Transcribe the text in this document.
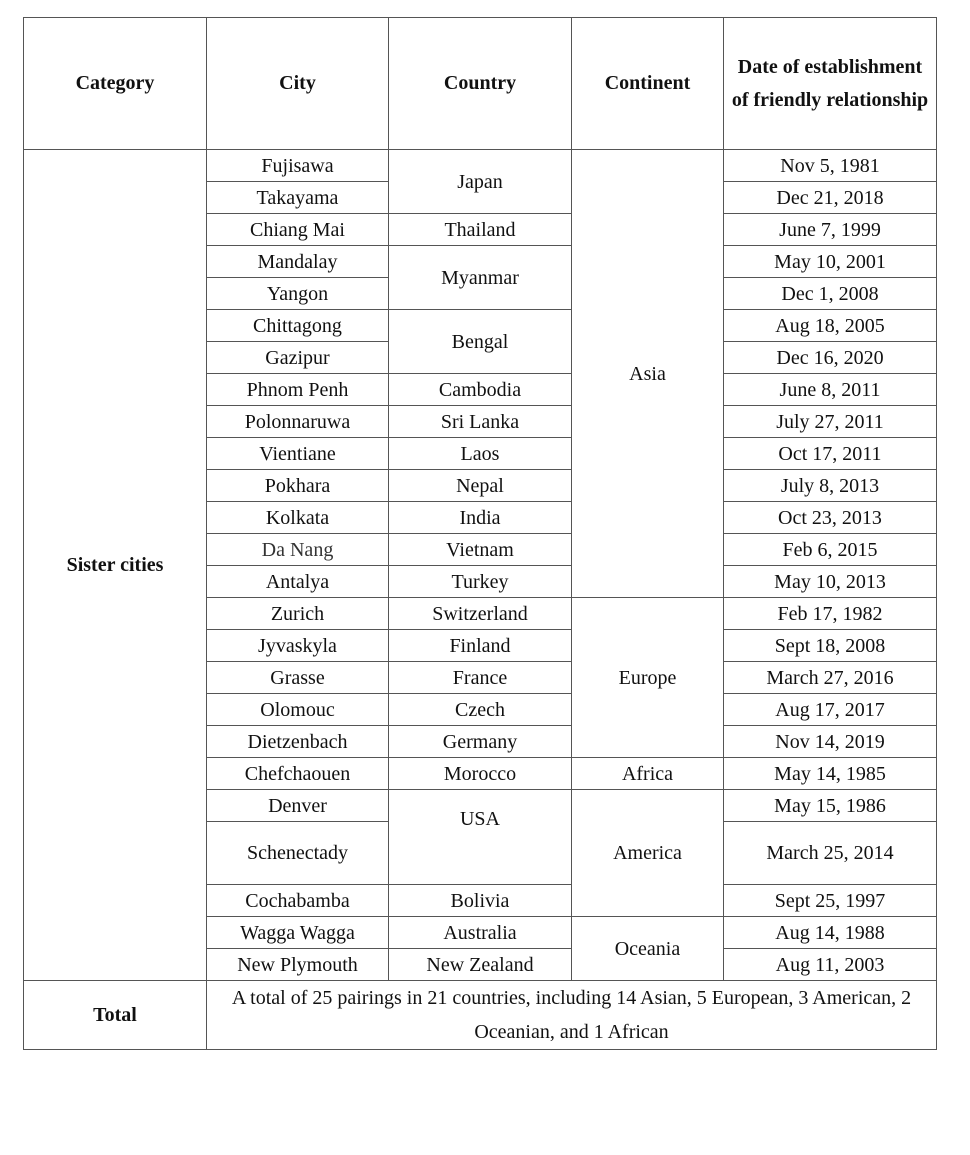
Category	City	Country	Continent	Date of establishment of friendly relationship
Sister cities	Fujisawa	Japan	Asia	Nov 5, 1981
	Takayama			Dec 21, 2018
	Chiang Mai	Thailand		June 7, 1999
	Mandalay	Myanmar		May 10, 2001
	Yangon			Dec 1, 2008
	Chittagong	Bengal		Aug 18, 2005
	Gazipur			Dec 16, 2020
	Phnom Penh	Cambodia		June 8, 2011
	Polonnaruwa	Sri Lanka		July 27, 2011
	Vientiane	Laos		Oct 17, 2011
	Pokhara	Nepal		July 8, 2013
	Kolkata	India		Oct 23, 2013
	Da Nang	Vietnam		Feb 6, 2015
	Antalya	Turkey		May 10, 2013
	Zurich	Switzerland	Europe	Feb 17, 1982
	Jyvaskyla	Finland		Sept 18, 2008
	Grasse	France		March 27, 2016
	Olomouc	Czech		Aug 17, 2017
	Dietzenbach	Germany		Nov 14, 2019
	Chefchaouen	Morocco	Africa	May 14, 1985
	Denver	USA	America	May 15, 1986
	Schenectady			March 25, 2014
	Cochabamba	Bolivia		Sept 25, 1997
	Wagga Wagga	Australia	Oceania	Aug 14, 1988
	New Plymouth	New Zealand		Aug 11, 2003
Total	A total of 25 pairings in 21 countries, including 14 Asian, 5 European, 3 American, 2 Oceanian, and 1 African			
